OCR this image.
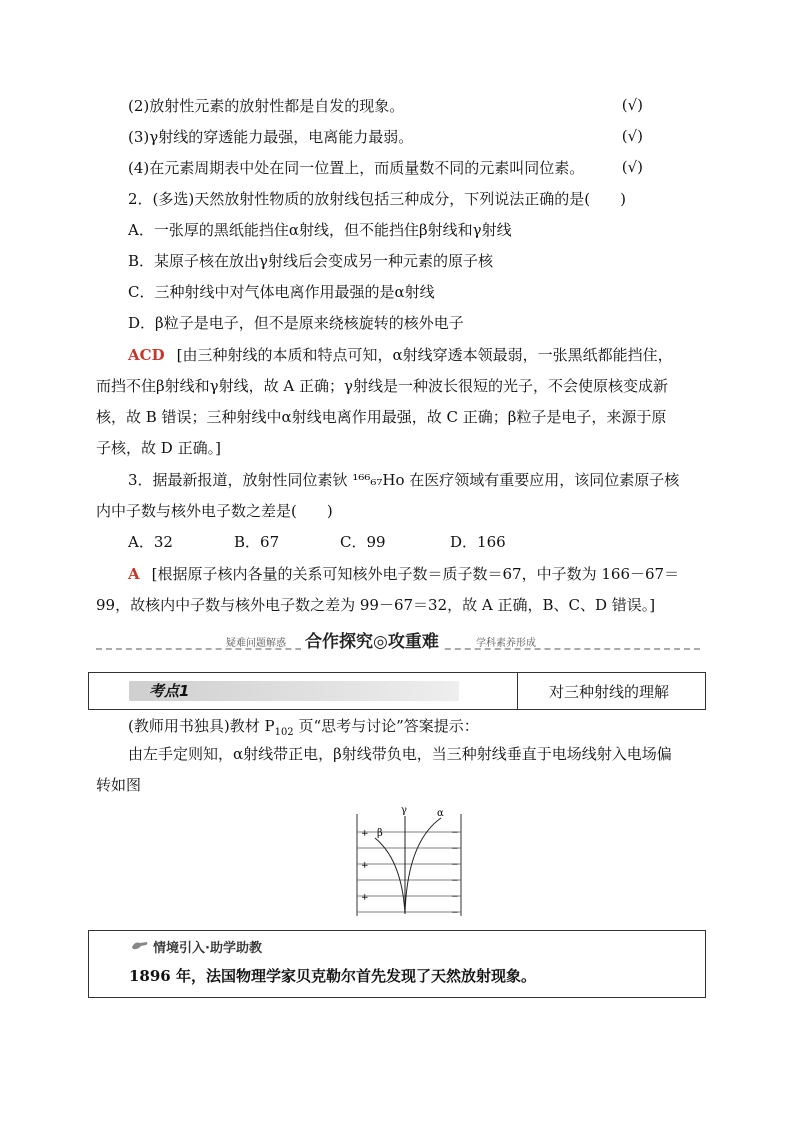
(2)放射性元素的放射性都是自发的现象。	(√)
(3)γ射线的穿透能力最强，电离能力最弱。	(√)
(4)在元素周期表中处在同一位置上，而质量数不同的元素叫同位素。 (√)
2．(多选)天然放射性物质的放射线包括三种成分，下列说法正确的是(　　)
A．一张厚的黑纸能挡住α射线，但不能挡住β射线和γ射线
B．某原子核在放出γ射线后会变成另一种元素的原子核
C．三种射线中对气体电离作用最强的是α射线
D．β粒子是电子，但不是原来绕核旋转的核外电子
ACD [由三种射线的本质和特点可知，α射线穿透本领最弱，一张黑纸都能挡住，
而挡不住β射线和γ射线，故 A 正确；γ射线是一种波长很短的光子，不会使原核变成新
核，故 B 错误；三种射线中α射线电离作用最强，故 C 正确；β粒子是电子，来源于原
子核，故 D 正确。]
3．据最新报道，放射性同位素钬 ¹⁶⁶₆₇Ho 在医疗领域有重要应用，该同位素原子核
内中子数与核外电子数之差是(　　)
A．32	B．67	C．99	D．166
A [根据原子核内各量的关系可知核外电子数＝质子数＝67，中子数为 166－67＝
99，故核内中子数与核外电子数之差为 99－67＝32，故 A 正确，B、C、D 错误。]
疑难问题解惑 合作探究◎攻重难	学科素养形成
考点1	对三种射线的理解
(教师用书独具)教材 $P_{102}$ 页“思考与讨论”答案提示：
由左手定则知，α射线带正电，β射线带负电，当三种射线垂直于电场线射入电场偏
转如图
γ	α
β
+
+
+
−
−
−
−
−
−
情境引入·助学助教
1896 年，法国物理学家贝克勒尔首先发现了天然放射现象。
